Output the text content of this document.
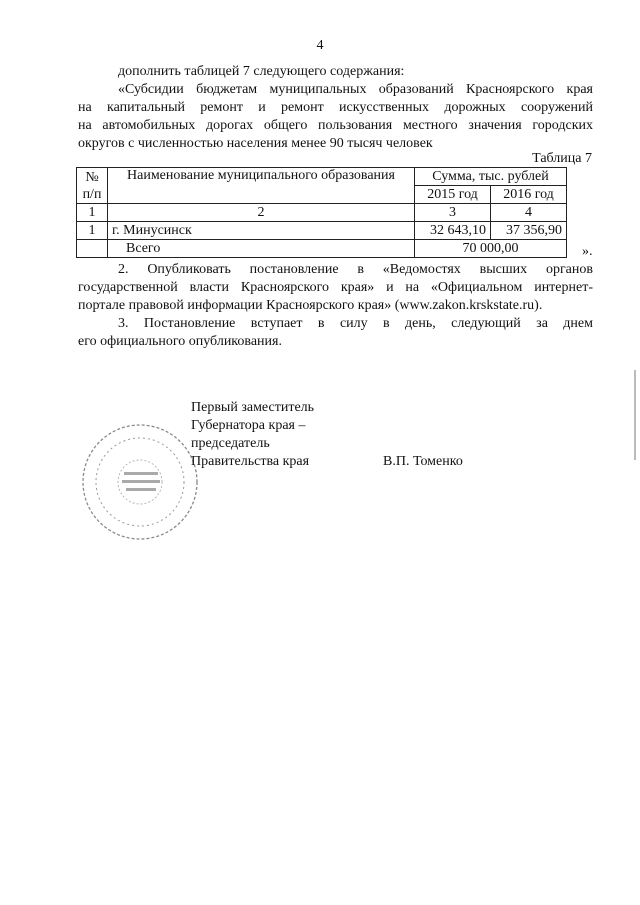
4
дополнить таблицей 7 следующего содержания:
«Субсидии бюджетам муниципальных образований Красноярского края
на капитальный ремонт и ремонт искусственных дорожных сооружений
на автомобильных дорогах общего пользования местного значения городских
округов с численностью населения менее 90 тысяч человек
Таблица 7
№
п/п	Наименование муниципального образования	Сумма, тыс. рублей	
		2015 год	2016 год
1	2	3	4
1	г. Минусинск	32 643,10	37 356,90
	Всего	70 000,00		».
2. Опубликовать постановление в «Ведомостях высших органов
государственной власти Красноярского края» и на «Официальном интернет-
портале правовой информации Красноярского края» (www.zakon.krskstate.ru).
3. Постановление вступает в силу в день, следующий за днем
его официального опубликования.
Первый заместитель
Губернатора края –
председатель
Правительства края	В.П. Томенко
